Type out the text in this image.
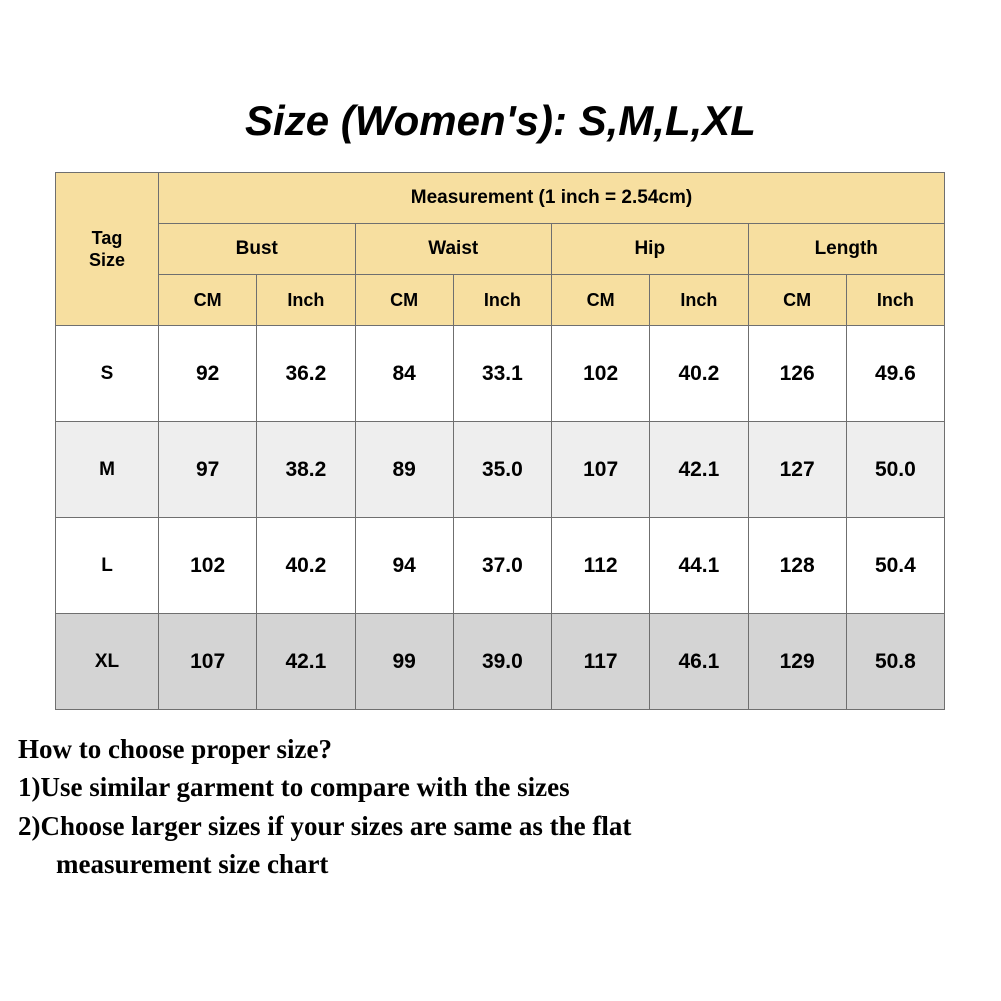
Size (Women's): S,M,L,XL
Tag
Size	Measurement (1 inch = 2.54cm)							
	Bust		Waist		Hip		Length	
	CM	Inch	CM	Inch	CM	Inch	CM	Inch
S	92	36.2	84	33.1	102	40.2	126	49.6
M	97	38.2	89	35.0	107	42.1	127	50.0
L	102	40.2	94	37.0	112	44.1	128	50.4
XL	107	42.1	99	39.0	117	46.1	129	50.8
How to choose proper size?
1)Use similar garment to compare with the sizes
2)Choose larger sizes if your sizes are same as the flat
measurement size chart
